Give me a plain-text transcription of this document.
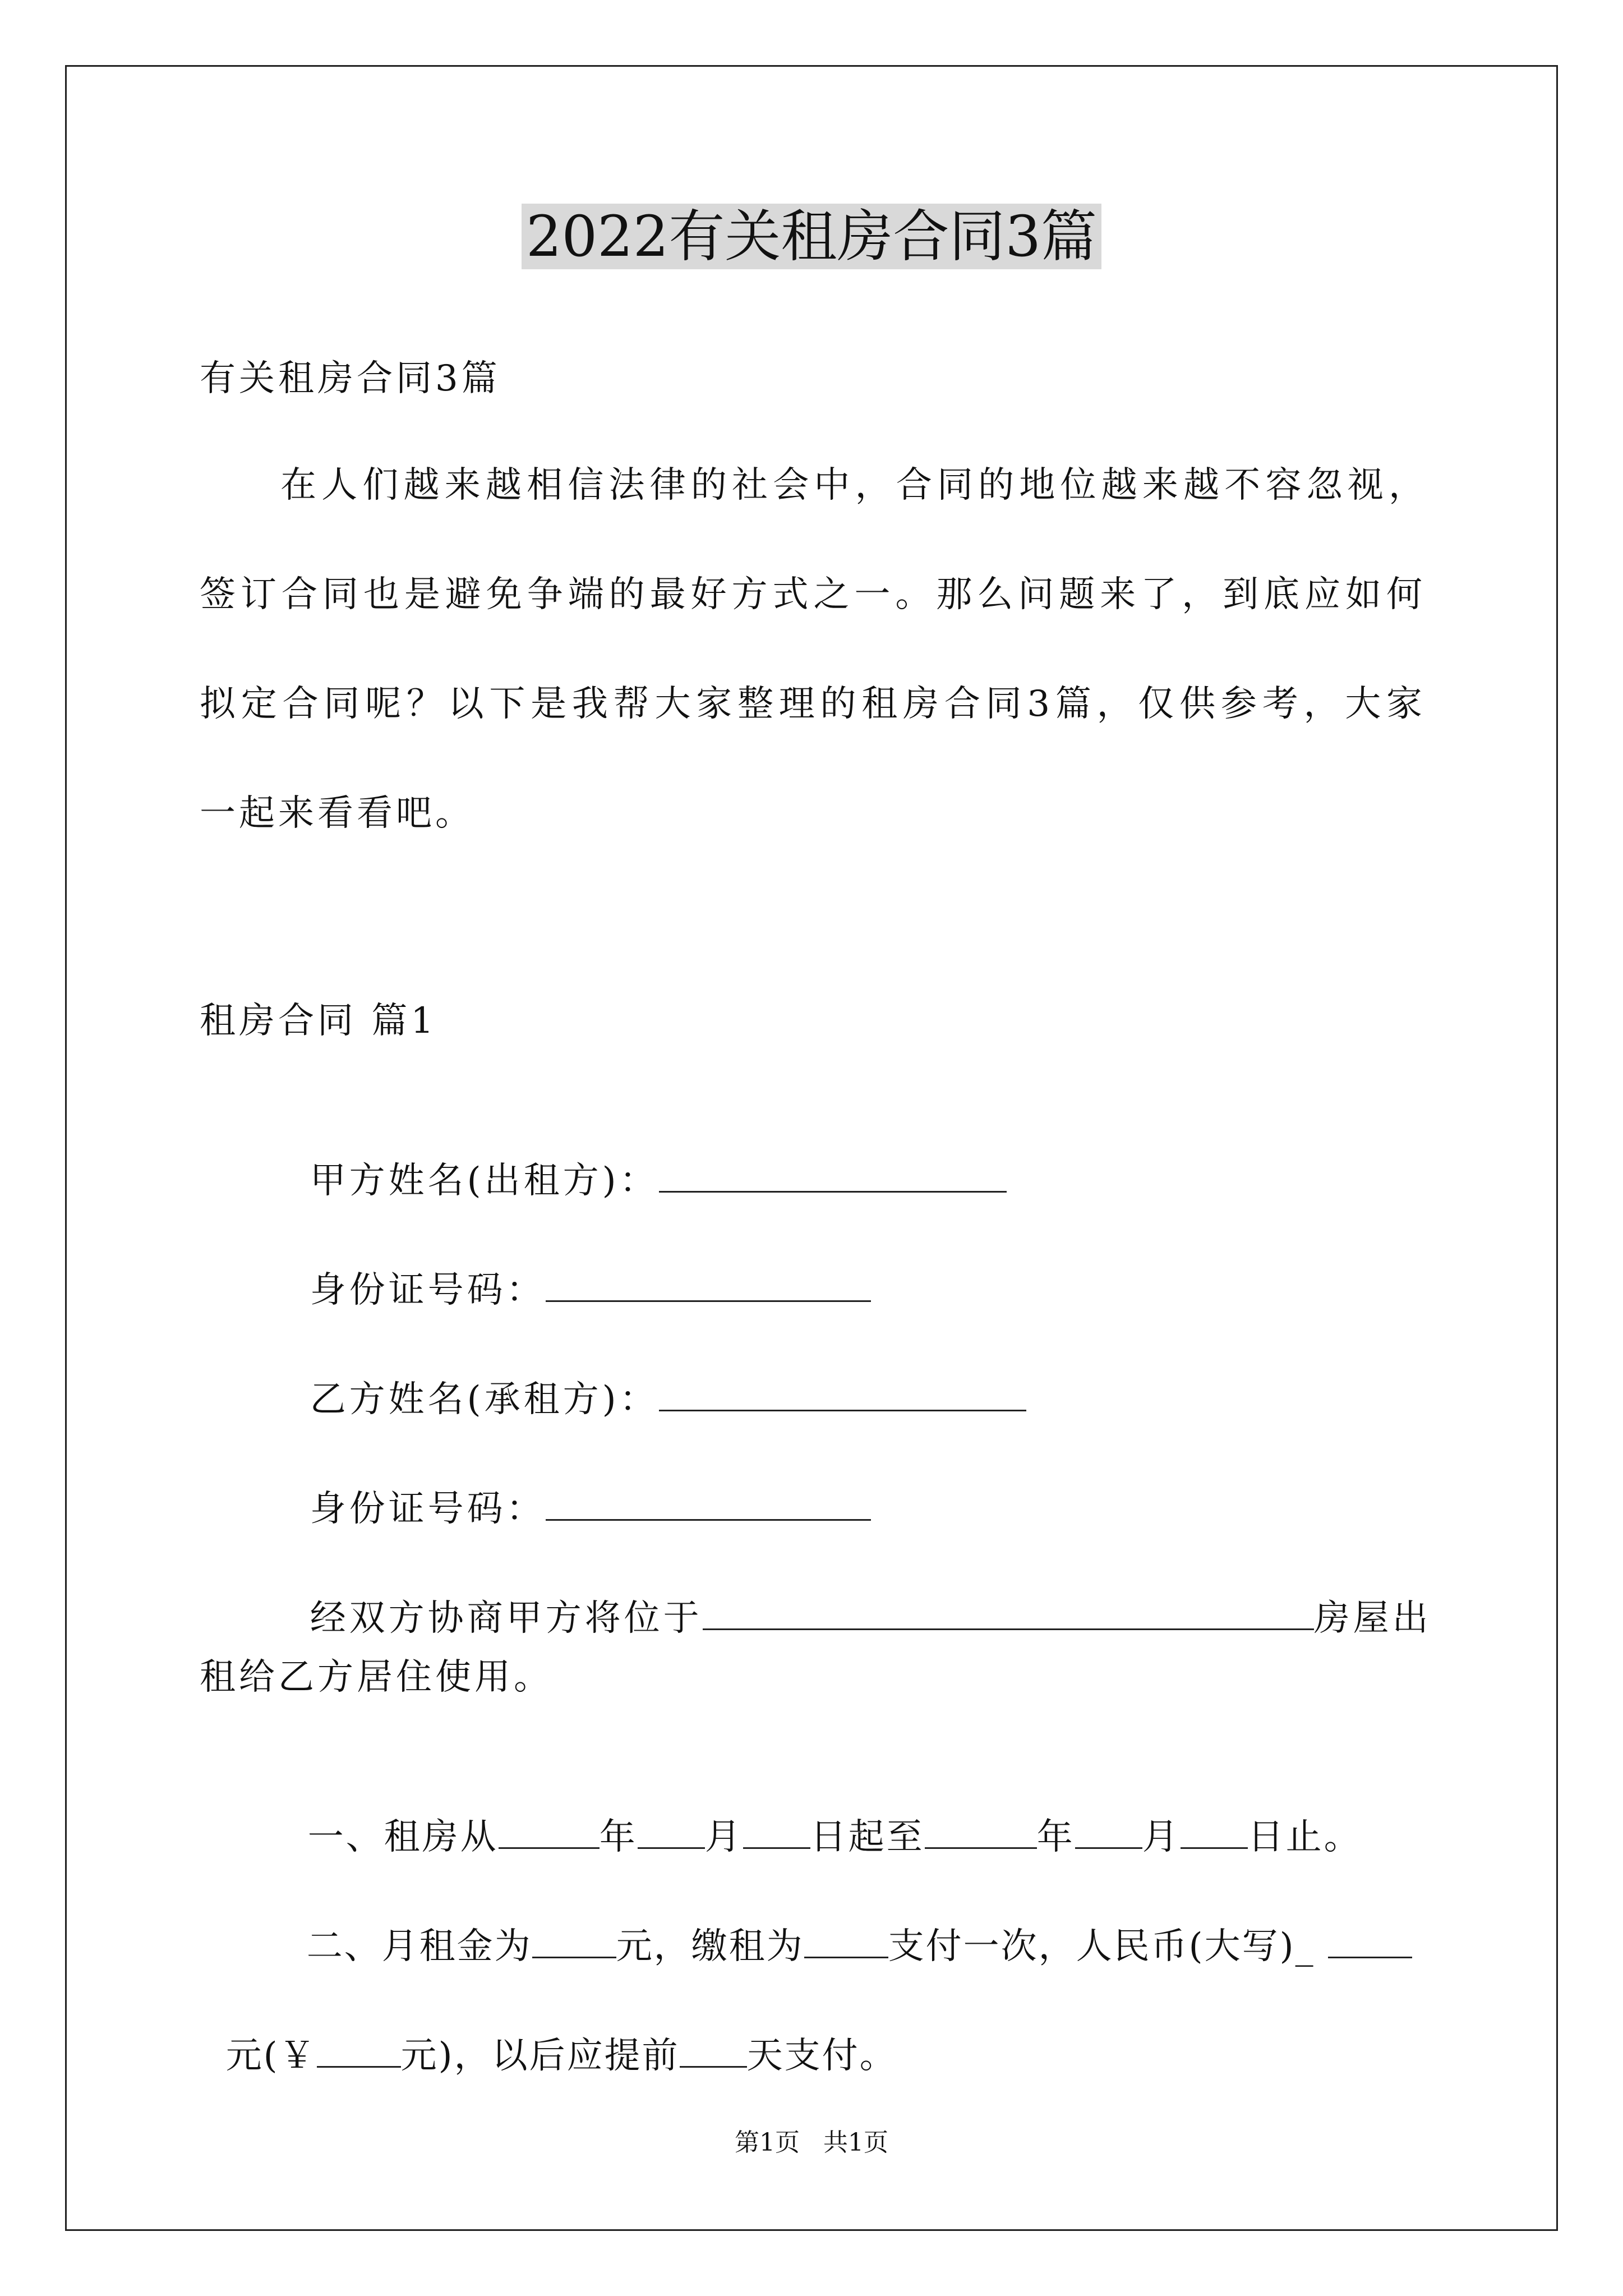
2022有关租房合同3篇
有关租房合同3篇
在人们越来越相信法律的社会中，合同的地位越来越不容忽视，
签订合同也是避免争端的最好方式之一。那么问题来了，到底应如何
拟定合同呢？以下是我帮大家整理的租房合同3篇，仅供参考，大家
一起来看看吧。
租房合同 篇1

甲方姓名(出租方)：

身份证号码：

乙方姓名(承租方)：

身份证号码：

经双方协商甲方将位于	房屋出

租给乙方居住使用。

一、租房从	年 月 日起至	年 月 日止。

二、月租金为 元，缴租为 支付一次，人民币(大写)_

元(￥ 元)，以后应提前 天支付。

第1页   共1页
